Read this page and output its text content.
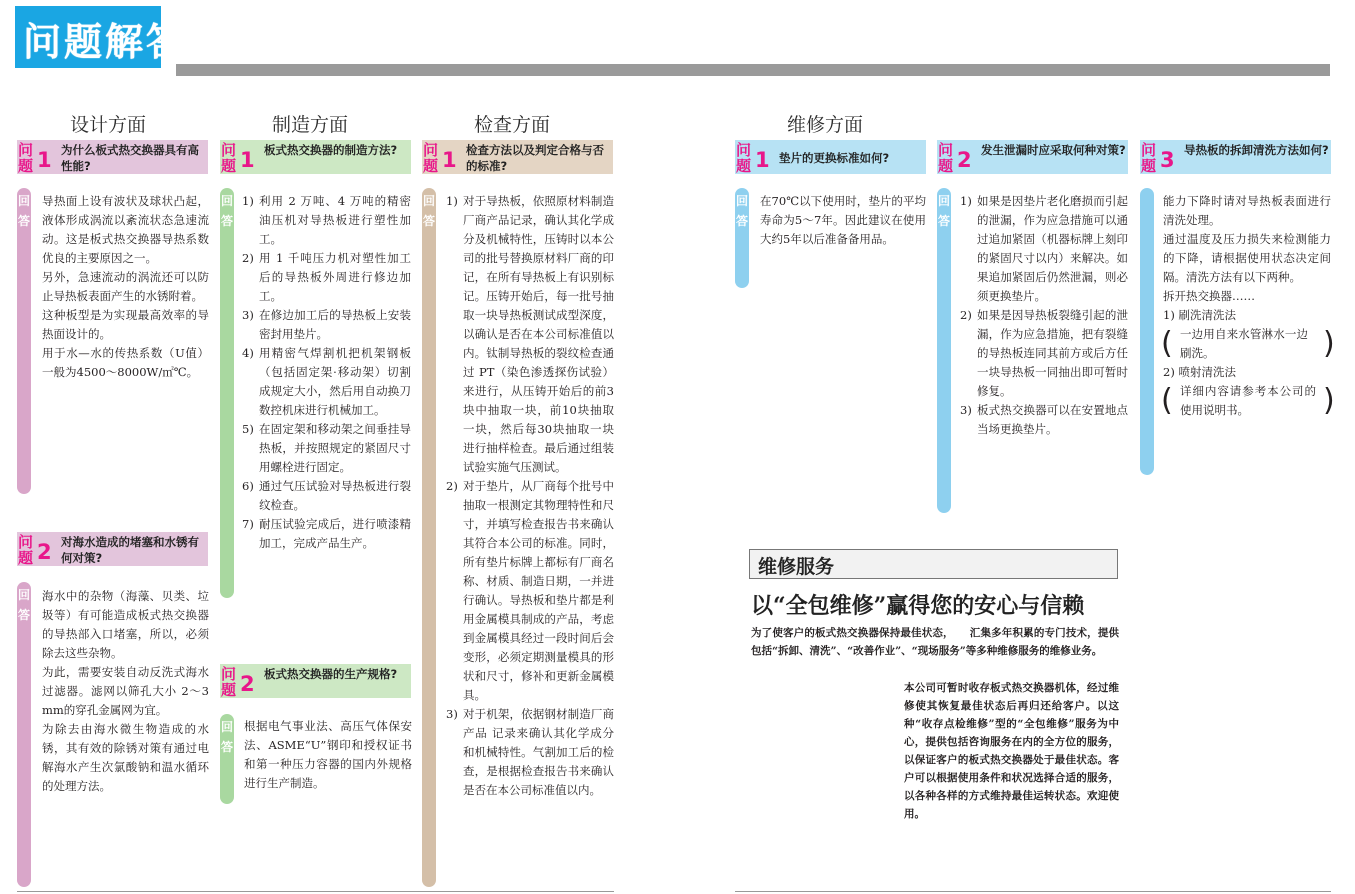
问题解答
设计方面	制造方面	检查方面	维修方面
问
题 1 为什么板式热交换器具有高性能?
回
答

导热面上设有波状及球状凸起，液体形成涡流以紊流状态急速流动。这是板式热交换器导热系数优良的主要原因之一。

另外，急速流动的涡流还可以防止导热板表面产生的水锈附着。

这种板型是为实现最高效率的导热面设计的。

用于水—水的传热系数（U值）一般为4500～8000W/㎡℃。

问
题 2 对海水造成的堵塞和水锈有何对策?
回
答

海水中的杂物（海藻、贝类、垃圾等）有可能造成板式热交换器的导热部入口堵塞，所以，必须除去这些杂物。

为此，需要安装自动反洗式海水过滤器。滤网以筛孔大小 2～3 mm的穿孔金属网为宜。

为除去由海水微生物造成的水锈，其有效的除锈对策有通过电解海水产生次氯酸钠和温水循环的处理方法。

问
题 1 板式热交换器的制造方法?
回
答
1) 利用 2 万吨、4 万吨的精密油压机对导热板进行塑性加工。
2) 用 1 千吨压力机对塑性加工后的导热板外周进行修边加工。
3) 在修边加工后的导热板上安装密封用垫片。
4) 用精密气焊割机把机架钢板（包括固定架·移动架）切割成规定大小，然后用自动换刀数控机床进行机械加工。
5) 在固定架和移动架之间垂挂导热板，并按照规定的紧固尺寸用螺栓进行固定。
6) 通过气压试验对导热板进行裂纹检查。
7) 耐压试验完成后，进行喷漆精加工，完成产品生产。
问
题 2 板式热交换器的生产规格?
回
答
根据电气事业法、高压气体保安法、ASME“U”钢印和授权证书和第一种压力容器的国内外规格进行生产制造。
问
题 1 检查方法以及判定合格与否的标准?
回
答
1) 对于导热板，依照原材料制造厂商产品记录，确认其化学成分及机械特性，压铸时以本公司的批号替换原材料厂商的印记，在所有导热板上有识别标记。压铸开始后，每一批号抽取一块导热板测试成型深度，以确认是否在本公司标准值以内。钛制导热板的裂纹检查通过 PT（染色渗透探伤试验）来进行，从压铸开始后的前3块中抽取一块，前10块抽取一块，然后每30块抽取一块进行抽样检查。最后通过组装试验实施气压测试。
2) 对于垫片，从厂商每个批号中抽取一根测定其物理特性和尺寸，并填写检查报告书来确认其符合本公司的标准。同时，所有垫片标牌上都标有厂商名称、材质、制造日期，一并进行确认。导热板和垫片都是利用金属模具制成的产品，考虑到金属模具经过一段时间后会变形，必须定期测量模具的形状和尺寸，修补和更新金属模具。
3) 对于机架，依据钢材制造厂商产品 记录来确认其化学成分和机械特性。气割加工后的检查，是根据检查报告书来确认是否在本公司标准值以内。
问
题 1 垫片的更换标准如何?
回
答
在70℃以下使用时，垫片的平均寿命为5～7年。因此建议在使用大约5年以后准备备用品。
问
题 2 发生泄漏时应采取何种对策?
回
答
1) 如果是因垫片老化磨损而引起的泄漏，作为应急措施可以通过追加紧固（机器标牌上刻印的紧固尺寸以内）来解决。如果追加紧固后仍然泄漏，则必须更换垫片。
2) 如果是因导热板裂缝引起的泄漏，作为应急措施，把有裂缝的导热板连同其前方或后方任一块导热板一同抽出即可暂时修复。
3) 板式热交换器可以在安置地点当场更换垫片。
问
题 3 导热板的拆卸清洗方法如何?

能力下降时请对导热板表面进行清洗处理。

通过温度及压力损失来检测能力的下降，请根据使用状态决定间隔。清洗方法有以下两种。

拆开热交换器……

1) 刷洗清洗法

( 一边用自来水管淋水一边刷洗。	)

2) 喷射清洗法

( 详细内容请参考本公司的使用说明书。	)
维修服务
以“全包维修”赢得您的安心与信赖
为了使客户的板式热交换器保持最佳状态，　　汇集多年积累的专门技术，提供包括“拆卸、清洗”、“改善作业”、“现场服务”等多种维修服务的维修业务。
本公司可暂时收存板式热交换器机体，经过维修使其恢复最佳状态后再归还给客户。以这种“收存点检维修”型的“全包维修”服务为中心，提供包括咨询服务在内的全方位的服务，以保证客户的板式热交换器处于最佳状态。客户可以根据使用条件和状况选择合适的服务，以各种各样的方式维持最佳运转状态。欢迎使用。
